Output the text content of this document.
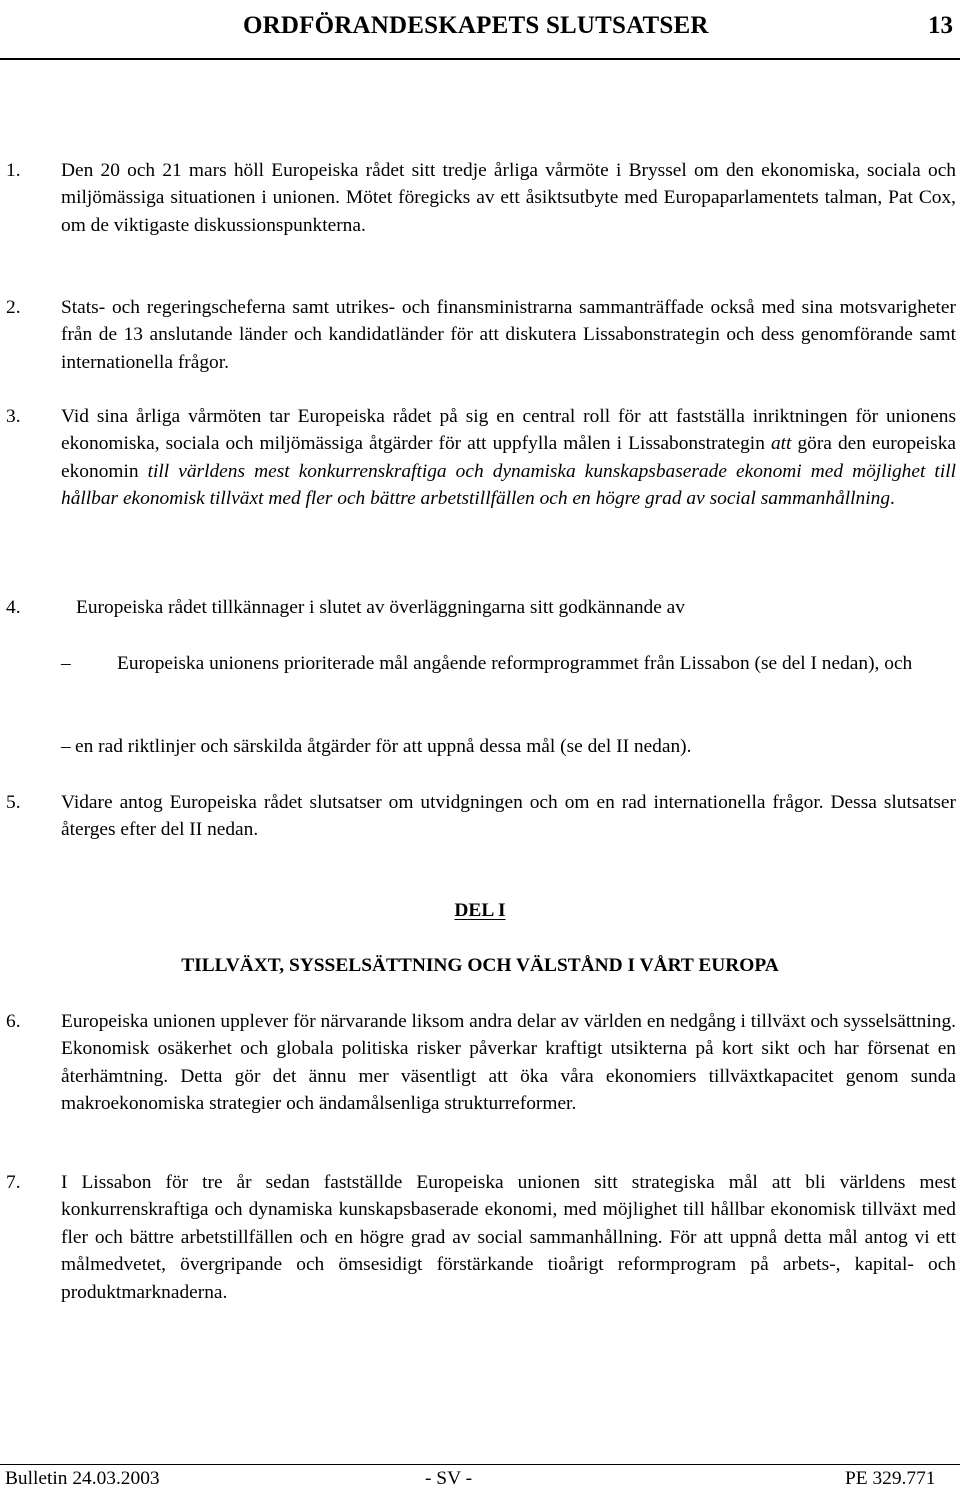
ORDFÖRANDESKAPETS SLUTSATSER	13
1. Den 20 och 21 mars höll Europeiska rådet sitt tredje årliga vårmöte i Bryssel om den ekonomiska, sociala och miljömässiga situationen i unionen. Mötet föregicks av ett åsiktsutbyte med Europaparlamentets talman, Pat Cox, om de viktigaste diskussionspunkterna.
2. Stats- och regeringscheferna samt utrikes- och finansministrarna sammanträffade också med sina motsvarigheter från de 13 anslutande länder och kandidatländer för att diskutera Lissabonstrategin och dess genomförande samt internationella frågor.
3. Vid sina årliga vårmöten tar Europeiska rådet på sig en central roll för att fastställa inriktningen för unionens ekonomiska, sociala och miljömässiga åtgärder för att uppfylla målen i Lissabonstrategin att göra den europeiska ekonomin till världens mest konkurrenskraftiga och dynamiska kunskapsbaserade ekonomi med möjlighet till hållbar ekonomisk tillväxt med fler och bättre arbetstillfällen och en högre grad av social sammanhållning.
4.	Europeiska rådet tillkännager i slutet av överläggningarna sitt godkännande av
– Europeiska unionens prioriterade mål angående reformprogrammet från Lissabon (se del I nedan), och
– en rad riktlinjer och särskilda åtgärder för att uppnå dessa mål (se del II nedan).
5. Vidare antog Europeiska rådet slutsatser om utvidgningen och om en rad internationella frågor. Dessa slutsatser återges efter del II nedan.
DEL I
TILLVÄXT, SYSSELSÄTTNING OCH VÄLSTÅND I VÅRT EUROPA
6. Europeiska unionen upplever för närvarande liksom andra delar av världen en nedgång i tillväxt och sysselsättning. Ekonomisk osäkerhet och globala politiska risker påverkar kraftigt utsikterna på kort sikt och har försenat en återhämtning. Detta gör det ännu mer väsentligt att öka våra ekonomiers tillväxtkapacitet genom sunda makroekonomiska strategier och ändamålsenliga strukturreformer.
7. I Lissabon för tre år sedan fastställde Europeiska unionen sitt strategiska mål att bli världens mest konkurrenskraftiga och dynamiska kunskapsbaserade ekonomi, med möjlighet till hållbar ekonomisk tillväxt med fler och bättre arbetstillfällen och en högre grad av social sammanhållning. För att uppnå detta mål antog vi ett målmedvetet, övergripande och ömsesidigt förstärkande tioårigt reformprogram på arbets-, kapital- och produktmarknaderna.
Bulletin 24.03.2003	- SV -	PE 329.771
